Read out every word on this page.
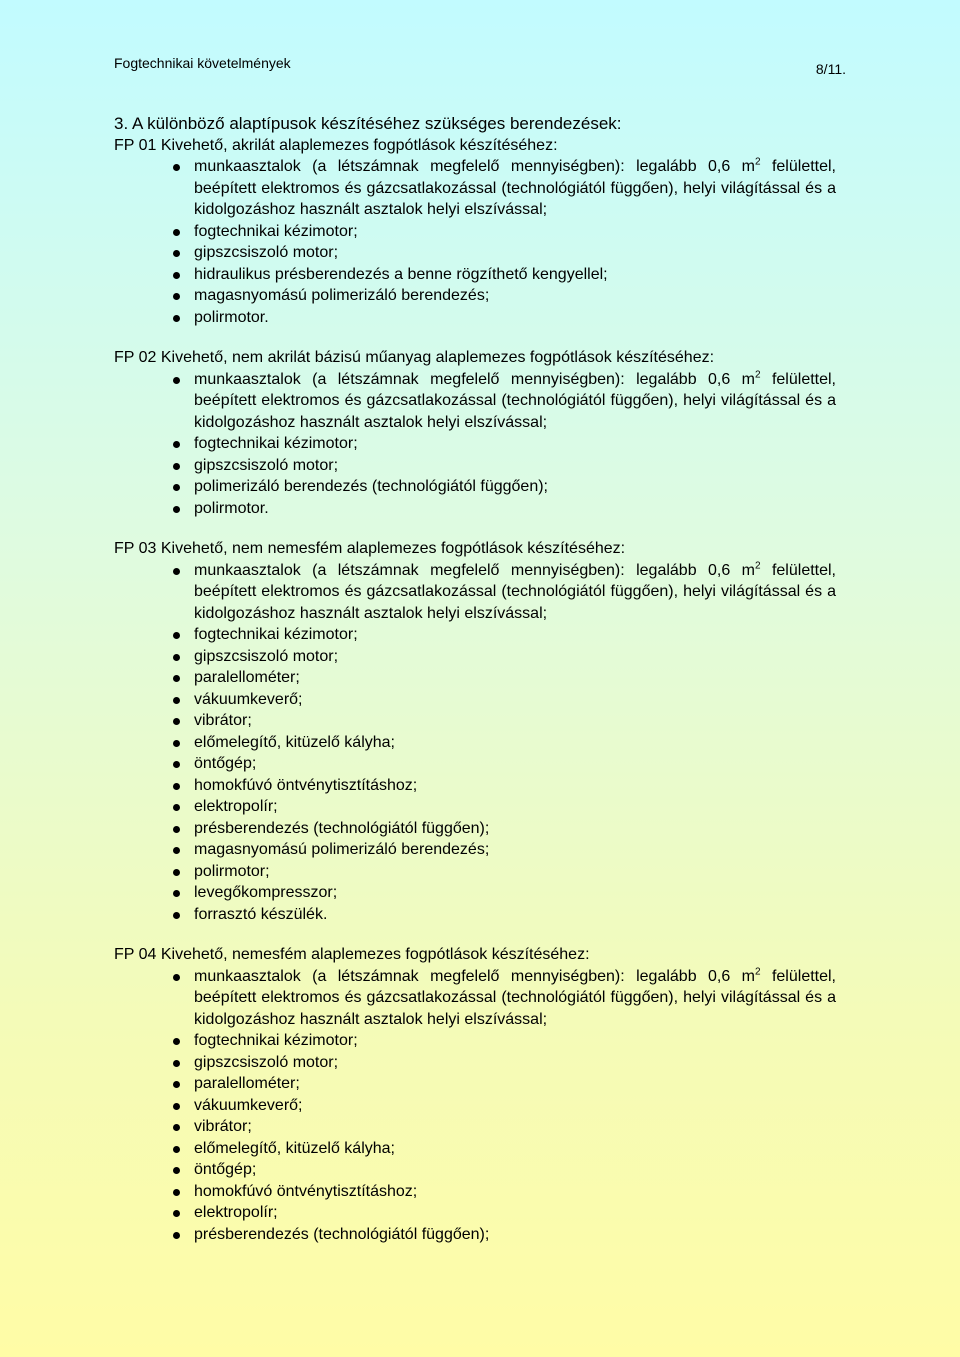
Fogtechnikai követelmények	8/11.
3. A különböző alaptípusok készítéséhez szükséges berendezések:
FP 01 Kivehető, akrilát alaplemezes fogpótlások készítéséhez:
munkaasztalok (a létszámnak megfelelő mennyiségben): legalább 0,6 $m^2$ felülettel, beépített elektromos és gázcsatlakozással (technológiától függően), helyi világítással és a kidolgozáshoz használt asztalok helyi elszívással;
fogtechnikai kézimotor;
gipszcsiszoló motor;
hidraulikus présberendezés a benne rögzíthető kengyellel;
magasnyomású polimerizáló berendezés;
polirmotor.
FP 02 Kivehető, nem akrilát bázisú műanyag alaplemezes fogpótlások készítéséhez:
munkaasztalok (a létszámnak megfelelő mennyiségben): legalább 0,6 $m^2$ felülettel, beépített elektromos és gázcsatlakozással (technológiától függően), helyi világítással és a kidolgozáshoz használt asztalok helyi elszívással;
fogtechnikai kézimotor;
gipszcsiszoló motor;
polimerizáló berendezés (technológiától függően);
polirmotor.
FP 03 Kivehető, nem nemesfém alaplemezes fogpótlások készítéséhez:
munkaasztalok (a létszámnak megfelelő mennyiségben): legalább 0,6 $m^2$ felülettel, beépített elektromos és gázcsatlakozással (technológiától függően), helyi világítással és a kidolgozáshoz használt asztalok helyi elszívással;
fogtechnikai kézimotor;
gipszcsiszoló motor;
paralellométer;
vákuumkeverő;
vibrátor;
előmelegítő, kitüzelő kályha;
öntőgép;
homokfúvó öntvénytisztításhoz;
elektropolír;
présberendezés (technológiától függően);
magasnyomású polimerizáló berendezés;
polirmotor;
levegőkompresszor;
forrasztó készülék.
FP 04 Kivehető, nemesfém alaplemezes fogpótlások készítéséhez:
munkaasztalok (a létszámnak megfelelő mennyiségben): legalább 0,6 $m^2$ felülettel, beépített elektromos és gázcsatlakozással (technológiától függően), helyi világítással és a kidolgozáshoz használt asztalok helyi elszívással;
fogtechnikai kézimotor;
gipszcsiszoló motor;
paralellométer;
vákuumkeverő;
vibrátor;
előmelegítő, kitüzelő kályha;
öntőgép;
homokfúvó öntvénytisztításhoz;
elektropolír;
présberendezés (technológiától függően);
